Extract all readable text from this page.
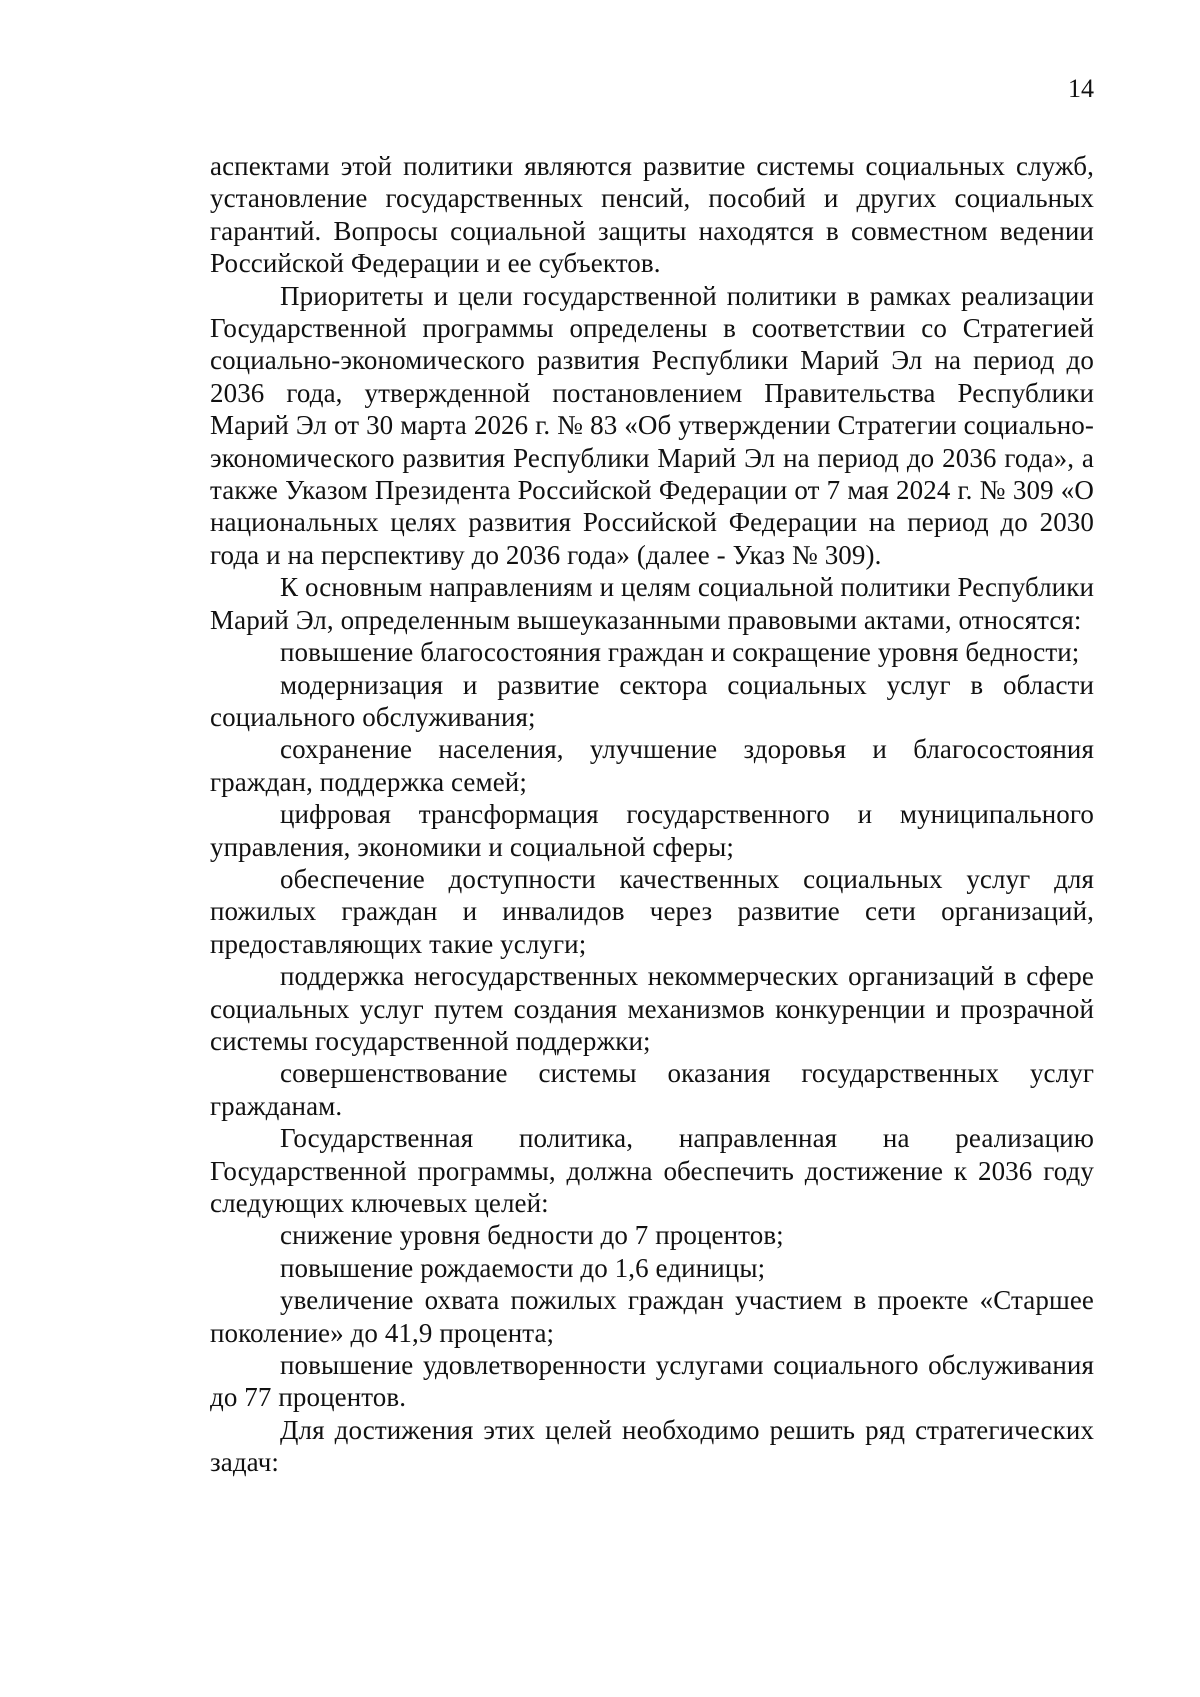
14

аспектами этой политики являются развитие системы социальных служб, установление государственных пенсий, пособий и других социальных гарантий. Вопросы социальной защиты находятся в совместном ведении Российской Федерации и ее субъектов.

Приоритеты и цели государственной политики в рамках реализации Государственной программы определены в соответствии со Стратегией социально-экономического развития Республики Марий Эл на период до 2036 года, утвержденной постановлением Правительства Республики Марий Эл от 30 марта 2026 г. № 83 «Об утверждении Стратегии социально-экономического развития Республики Марий Эл на период до 2036 года», а также Указом Президента Российской Федерации от 7 мая 2024 г. № 309 «О национальных целях развития Российской Федерации на период до 2030 года и на перспективу до 2036 года» (далее - Указ № 309).

К основным направлениям и целям социальной политики Республики Марий Эл, определенным вышеуказанными правовыми актами, относятся:

повышение благосостояния граждан и сокращение уровня бедности;

модернизация и развитие сектора социальных услуг в области социального обслуживания;

сохранение населения, улучшение здоровья и благосостояния граждан, поддержка семей;

цифровая трансформация государственного и муниципального управления, экономики и социальной сферы;

обеспечение доступности качественных социальных услуг для пожилых граждан и инвалидов через развитие сети организаций, предоставляющих такие услуги;

поддержка негосударственных некоммерческих организаций в сфере социальных услуг путем создания механизмов конкуренции и прозрачной системы государственной поддержки;

совершенствование системы оказания государственных услуг гражданам.

Государственная политика, направленная на реализацию Государственной программы, должна обеспечить достижение к 2036 году следующих ключевых целей:

снижение уровня бедности до 7 процентов;

повышение рождаемости до 1,6 единицы;

увеличение охвата пожилых граждан участием в проекте «Старшее поколение» до 41,9 процента;

повышение удовлетворенности услугами социального обслуживания до 77 процентов.

Для достижения этих целей необходимо решить ряд стратегических задач:
